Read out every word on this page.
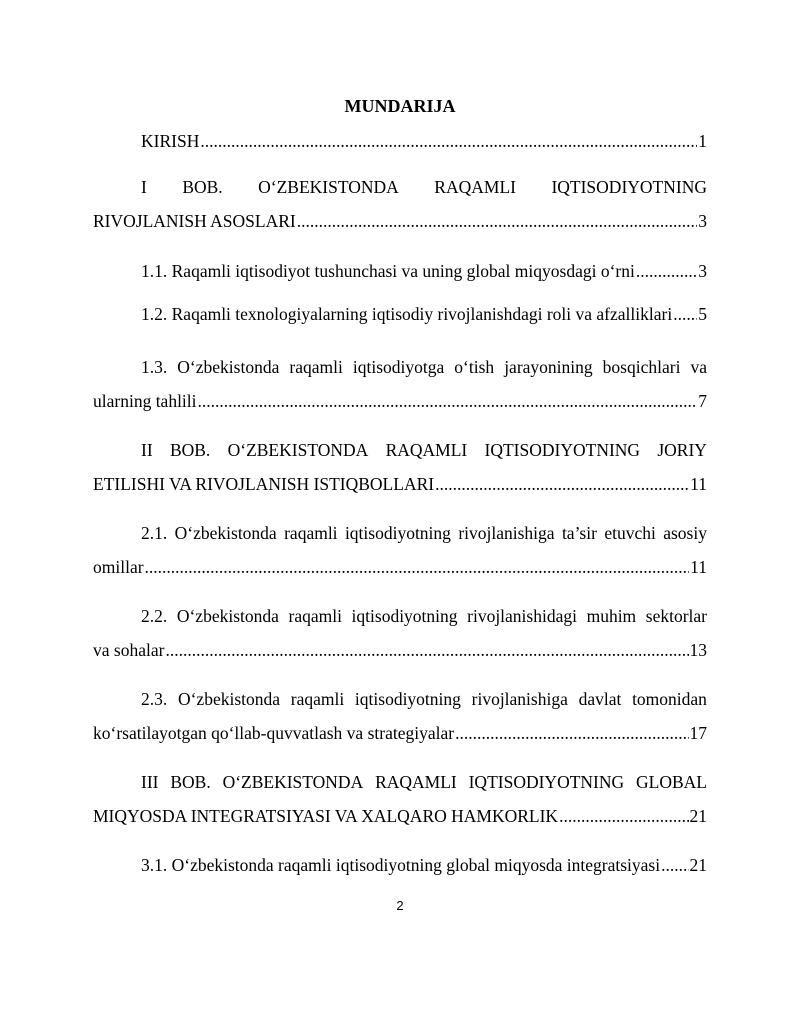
MUNDARIJA
KIRISH .....	1
I BOB. O‘ZBEKISTONDA RAQAMLI IQTISODIYOTNING
RIVOJLANISH ASOSLARI .....	3
1.1. Raqamli iqtisodiyot tushunchasi va uning global miqyosdagi o‘rni .....	3
1.2. Raqamli texnologiyalarning iqtisodiy rivojlanishdagi roli va afzalliklari ..... 5
1.3. O‘zbekistonda raqamli iqtisodiyotga o‘tish jarayonining bosqichlari va
ularning tahlili .....	7
II BOB. O‘ZBEKISTONDA RAQAMLI IQTISODIYOTNING JORIY
ETILISHI VA RIVOJLANISH ISTIQBOLLARI .....	11
2.1. O‘zbekistonda raqamli iqtisodiyotning rivojlanishiga ta’sir etuvchi asosiy
omillar .....	11
2.2. O‘zbekistonda raqamli iqtisodiyotning rivojlanishidagi muhim sektorlar
va sohalar .....	13
2.3. O‘zbekistonda raqamli iqtisodiyotning rivojlanishiga davlat tomonidan
ko‘rsatilayotgan qo‘llab-quvvatlash va strategiyalar .....	17
III BOB. O‘ZBEKISTONDA RAQAMLI IQTISODIYOTNING GLOBAL
MIQYOSDA INTEGRATSIYASI VA XALQARO HAMKORLIK .....	21
3.1. O‘zbekistonda raqamli iqtisodiyotning global miqyosda integratsiyasi ..... 21
2
